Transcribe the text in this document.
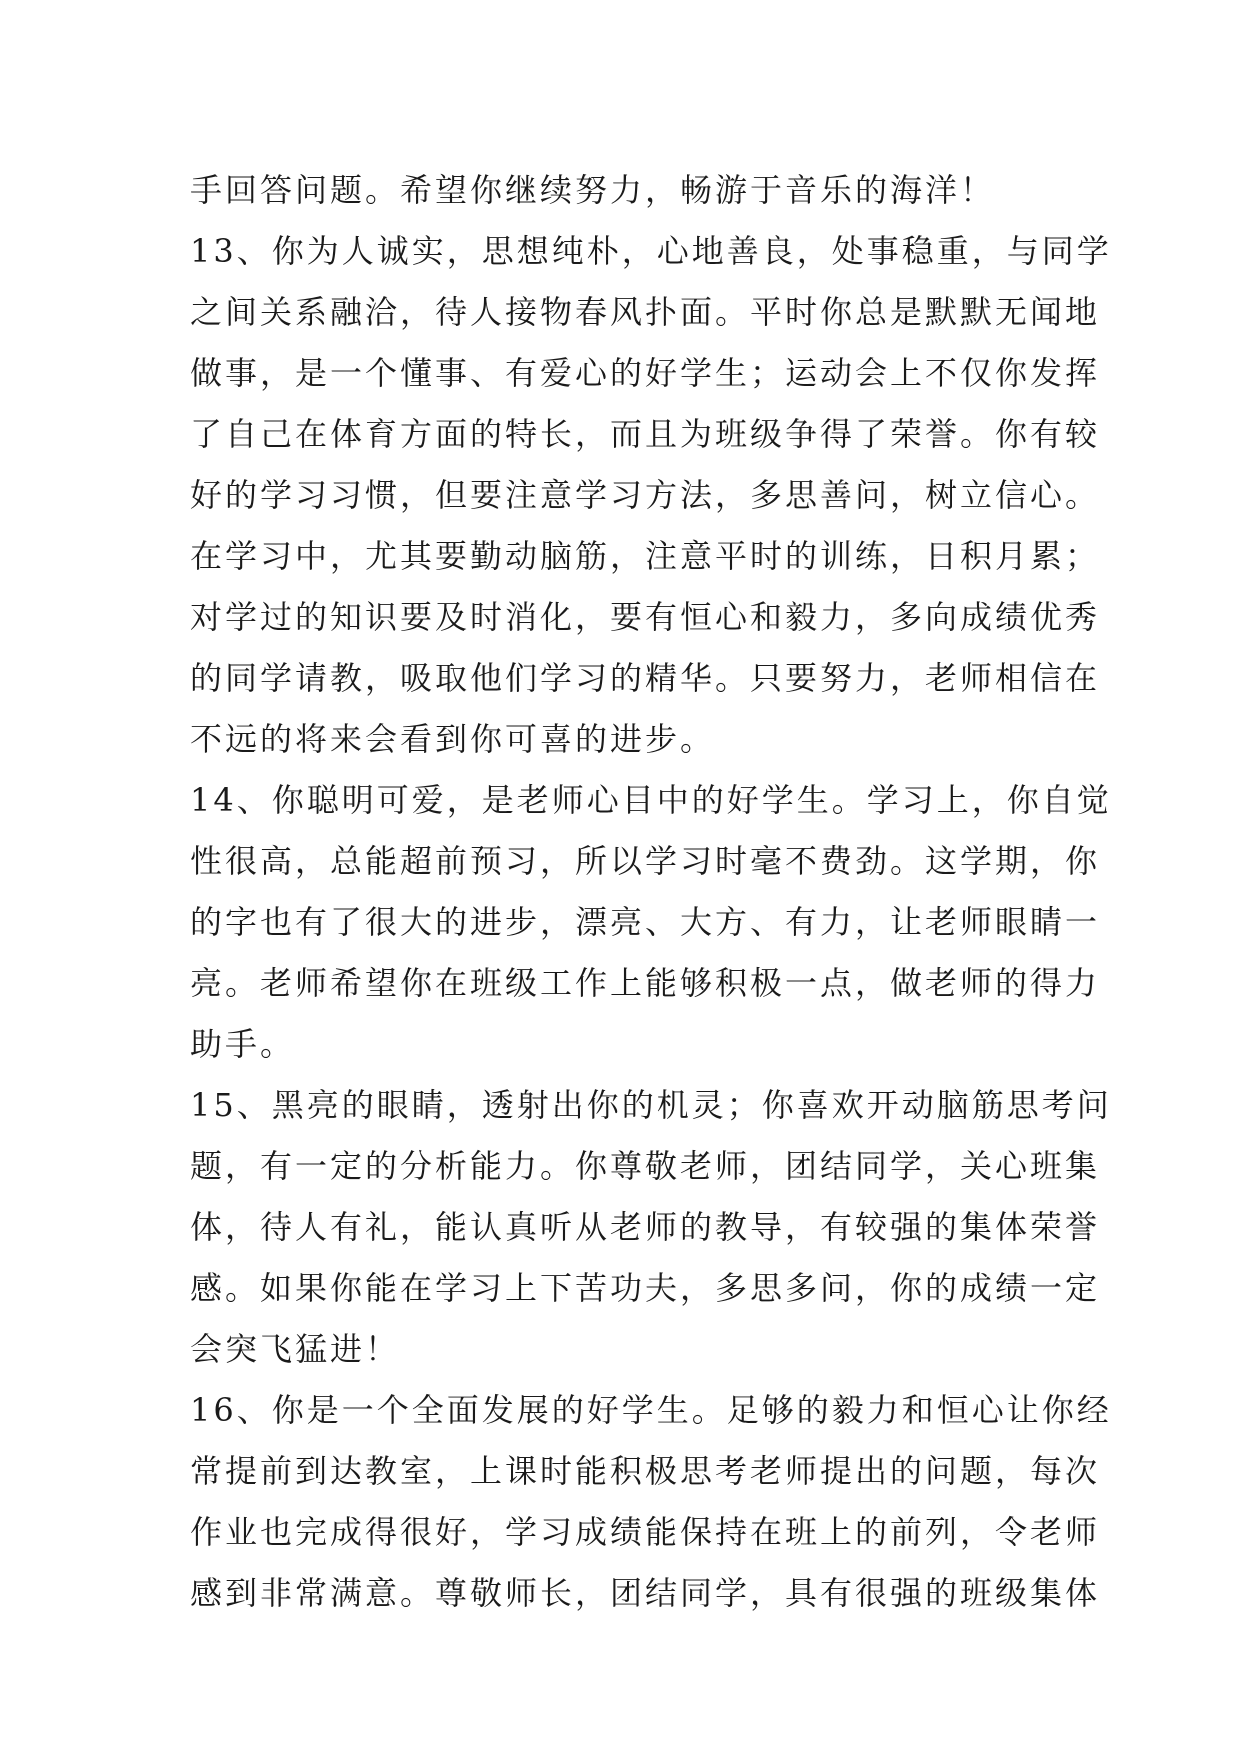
手回答问题。希望你继续努力，畅游于音乐的海洋！
13、你为人诚实，思想纯朴，心地善良，处事稳重，与同学
之间关系融洽，待人接物春风扑面。平时你总是默默无闻地
做事，是一个懂事、有爱心的好学生；运动会上不仅你发挥
了自己在体育方面的特长，而且为班级争得了荣誉。你有较
好的学习习惯，但要注意学习方法，多思善问，树立信心。
在学习中，尤其要勤动脑筋，注意平时的训练，日积月累；
对学过的知识要及时消化，要有恒心和毅力，多向成绩优秀
的同学请教，吸取他们学习的精华。只要努力，老师相信在
不远的将来会看到你可喜的进步。
14、你聪明可爱，是老师心目中的好学生。学习上，你自觉
性很高，总能超前预习，所以学习时毫不费劲。这学期，你
的字也有了很大的进步，漂亮、大方、有力，让老师眼睛一
亮。老师希望你在班级工作上能够积极一点，做老师的得力
助手。
15、黑亮的眼睛，透射出你的机灵；你喜欢开动脑筋思考问
题，有一定的分析能力。你尊敬老师，团结同学，关心班集
体，待人有礼，能认真听从老师的教导，有较强的集体荣誉
感。如果你能在学习上下苦功夫，多思多问，你的成绩一定
会突飞猛进！
16、你是一个全面发展的好学生。足够的毅力和恒心让你经
常提前到达教室，上课时能积极思考老师提出的问题，每次
作业也完成得很好，学习成绩能保持在班上的前列，令老师
感到非常满意。尊敬师长，团结同学，具有很强的班级集体
